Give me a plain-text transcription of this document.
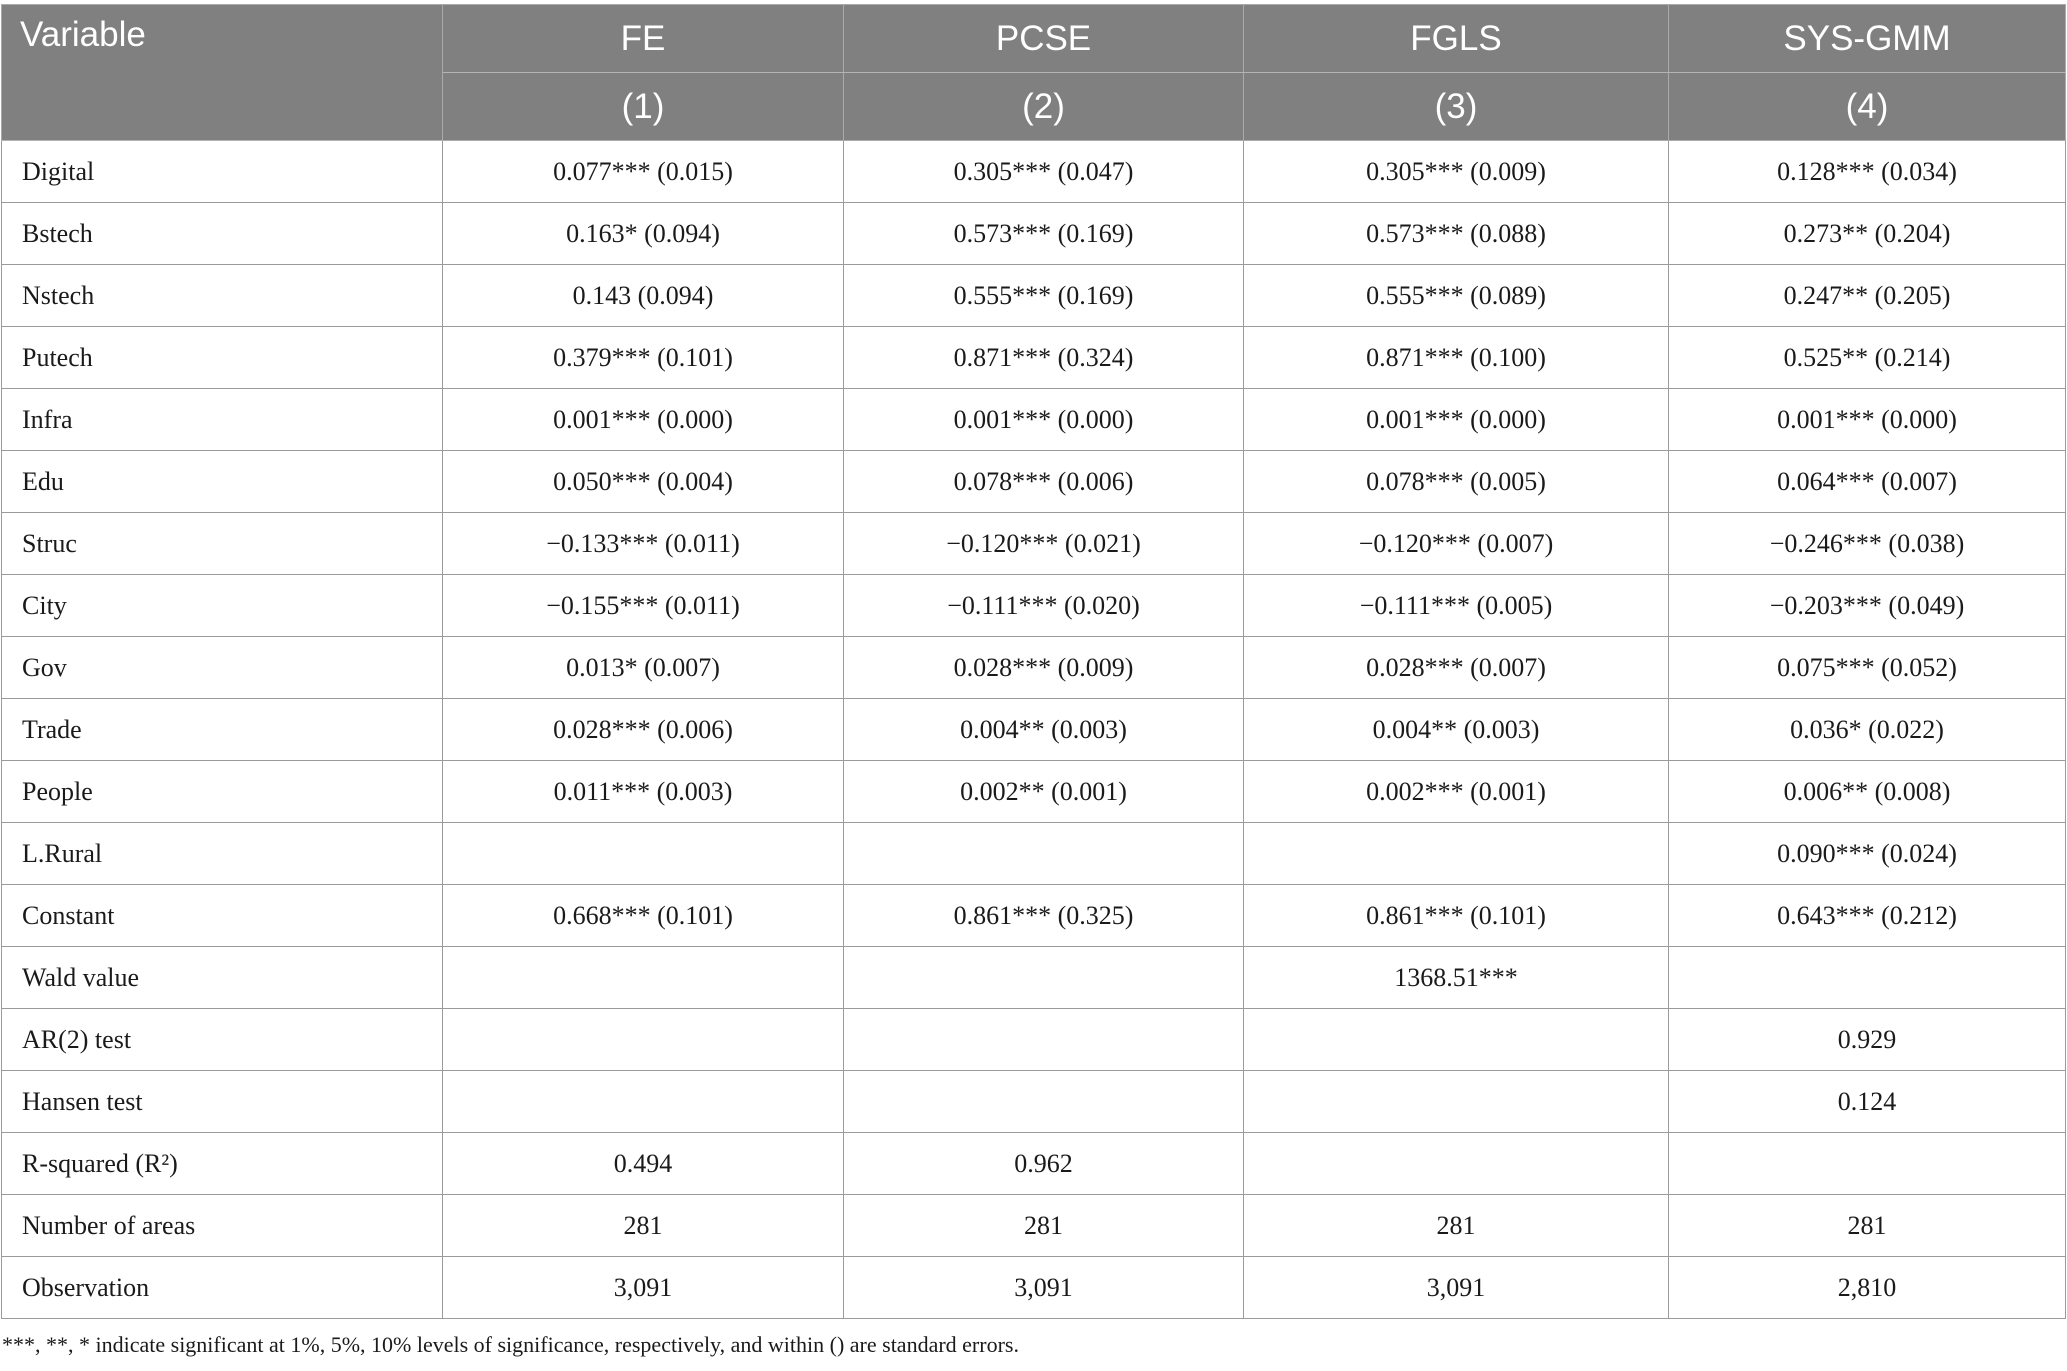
Variable	FE	PCSE	FGLS	SYS-GMM
	(1)	(2)	(3)	(4)
Digital	0.077*** (0.015)	0.305*** (0.047)	0.305*** (0.009)	0.128*** (0.034)
Bstech	0.163* (0.094)	0.573*** (0.169)	0.573*** (0.088)	0.273** (0.204)
Nstech	0.143 (0.094)	0.555*** (0.169)	0.555*** (0.089)	0.247** (0.205)
Putech	0.379*** (0.101)	0.871*** (0.324)	0.871*** (0.100)	0.525** (0.214)
Infra	0.001*** (0.000)	0.001*** (0.000)	0.001*** (0.000)	0.001*** (0.000)
Edu	0.050*** (0.004)	0.078*** (0.006)	0.078*** (0.005)	0.064*** (0.007)
Struc	−0.133*** (0.011)	−0.120*** (0.021)	−0.120*** (0.007)	−0.246*** (0.038)
City	−0.155*** (0.011)	−0.111*** (0.020)	−0.111*** (0.005)	−0.203*** (0.049)
Gov	0.013* (0.007)	0.028*** (0.009)	0.028*** (0.007)	0.075*** (0.052)
Trade	0.028*** (0.006)	0.004** (0.003)	0.004** (0.003)	0.036* (0.022)
People	0.011*** (0.003)	0.002** (0.001)	0.002*** (0.001)	0.006** (0.008)
L.Rural				0.090*** (0.024)
Constant	0.668*** (0.101)	0.861*** (0.325)	0.861*** (0.101)	0.643*** (0.212)
Wald value			1368.51***	
AR(2) test				0.929
Hansen test				0.124
R-squared (R²)	0.494	0.962		
Number of areas	281	281	281	281
Observation	3,091	3,091	3,091	2,810
***, **, * indicate significant at 1%, 5%, 10% levels of significance, respectively, and within () are standard errors.
